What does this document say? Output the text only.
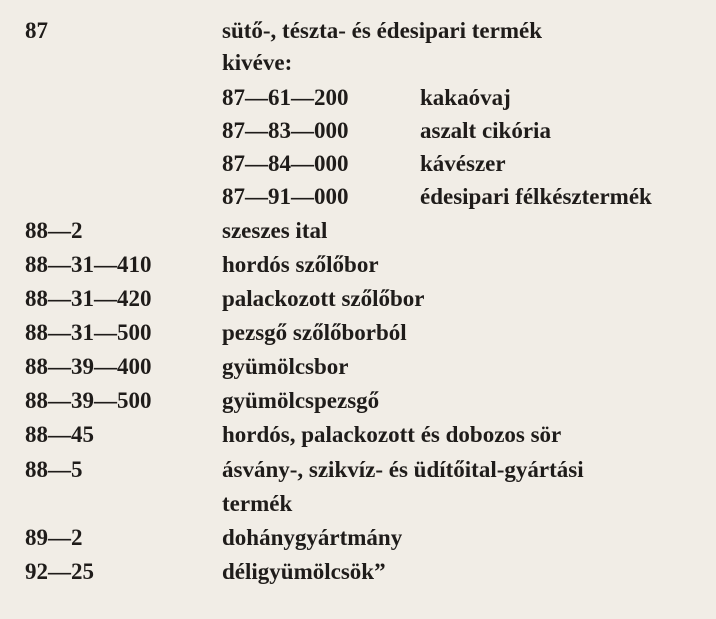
87	sütő-, tészta- és édesipari termék
kivéve:
87—61—200	kakaóvaj
87—83—000	aszalt cikória
87—84—000	kávészer
87—91—000	édesipari félkésztermék
88—2	szeszes ital
88—31—410	hordós szőlőbor
88—31—420	palackozott szőlőbor
88—31—500	pezsgő szőlőborból
88—39—400	gyümölcsbor
88—39—500	gyümölcspezsgő
88—45	hordós, palackozott és dobozos sör
88—5	ásvány-, szikvíz- és üdítőital-gyártási
termék
89—2	dohánygyártmány
92—25	déligyümölcsök”
